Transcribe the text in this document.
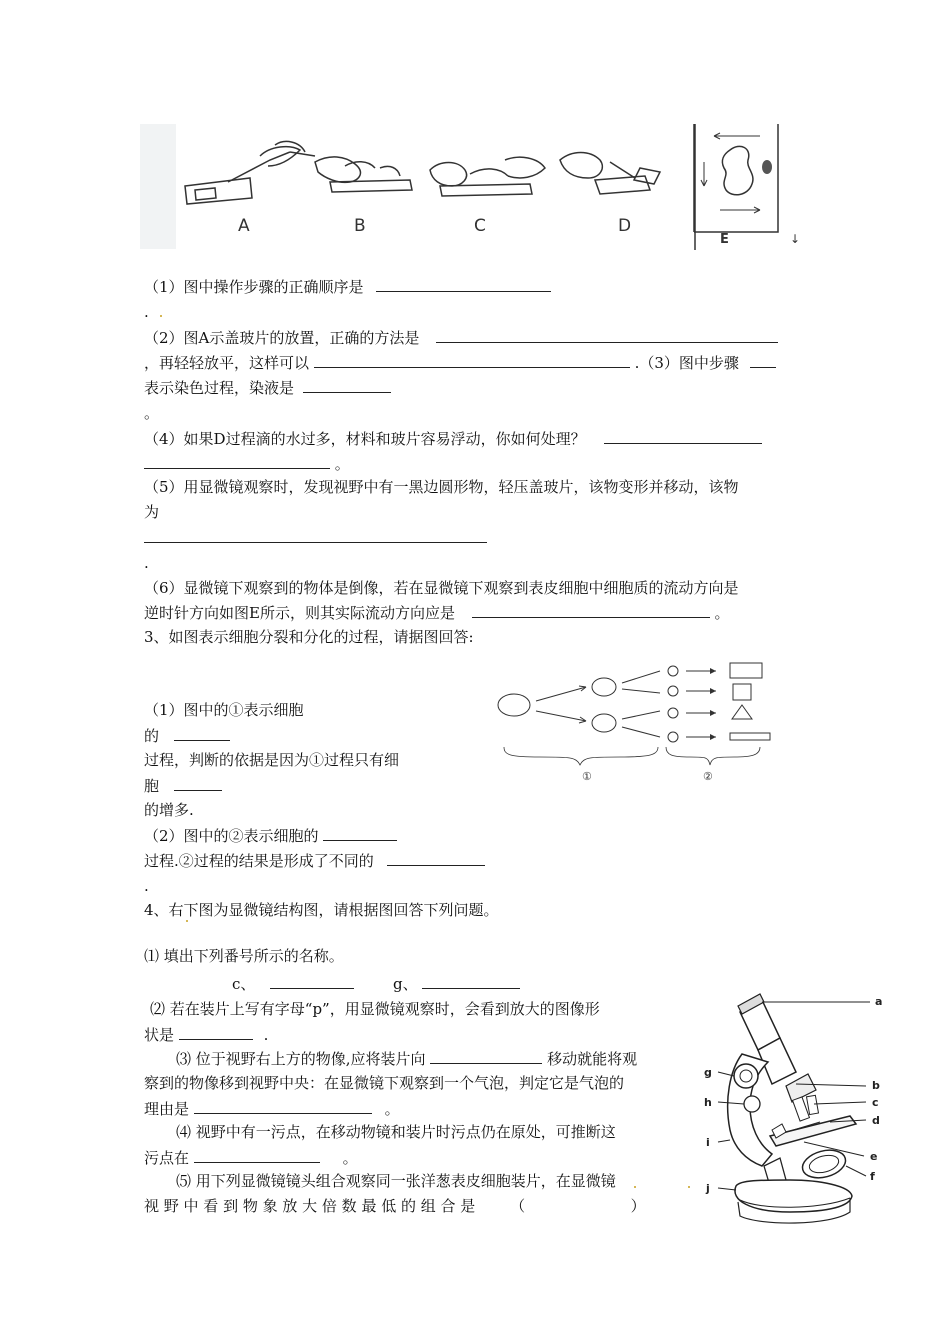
A	B	C	D
E	↓
（1）图中操作步骤的正确顺序是
.
（2）图A示盖玻片的放置，正确的方法是
，再轻轻放平，这样可以	.（3）图中步骤
表示染色过程，染液是
。
（4）如果D过程滴的水过多，材料和玻片容易浮动，你如何处理？
。
（5）用显微镜观察时，发现视野中有一黑边圆形物，轻压盖玻片，该物变形并移动，该物
为
.
（6）显微镜下观察到的物体是倒像，若在显微镜下观察到表皮细胞中细胞质的流动方向是
逆时针方向如图E所示，则其实际流动方向应是	。
3、如图表示细胞分裂和分化的过程，请据图回答:
①	②
（1）图中的①表示细胞
的
过程，判断的依据是因为①过程只有细
胞
的增多.
（2）图中的②表示细胞的
过程.②过程的结果是形成了不同的
.
4、右下图为显微镜结构图，请根据图回答下列问题。
⑴ 填出下列番号所示的名称。
c、	g、
⑵ 若在装片上写有字母“p”，用显微镜观察时，会看到放大的图像形
状是	.
⑶ 位于视野右上方的物像,应将装片向	移动就能将观
察到的物像移到视野中央：在显微镜下观察到一个气泡，判定它是气泡的
理由是	。
⑷ 视野中有一污点，在移动物镜和装片时污点仍在原处，可推断这
污点在	。
⑸ 用下列显微镜镜头组合观察同一张洋葱表皮细胞装片，在显微镜
视 野 中 看 到 物 象 放 大 倍 数 最 低 的 组 合 是 （	）
a
b
c
d
e
f
g
h
i
j
